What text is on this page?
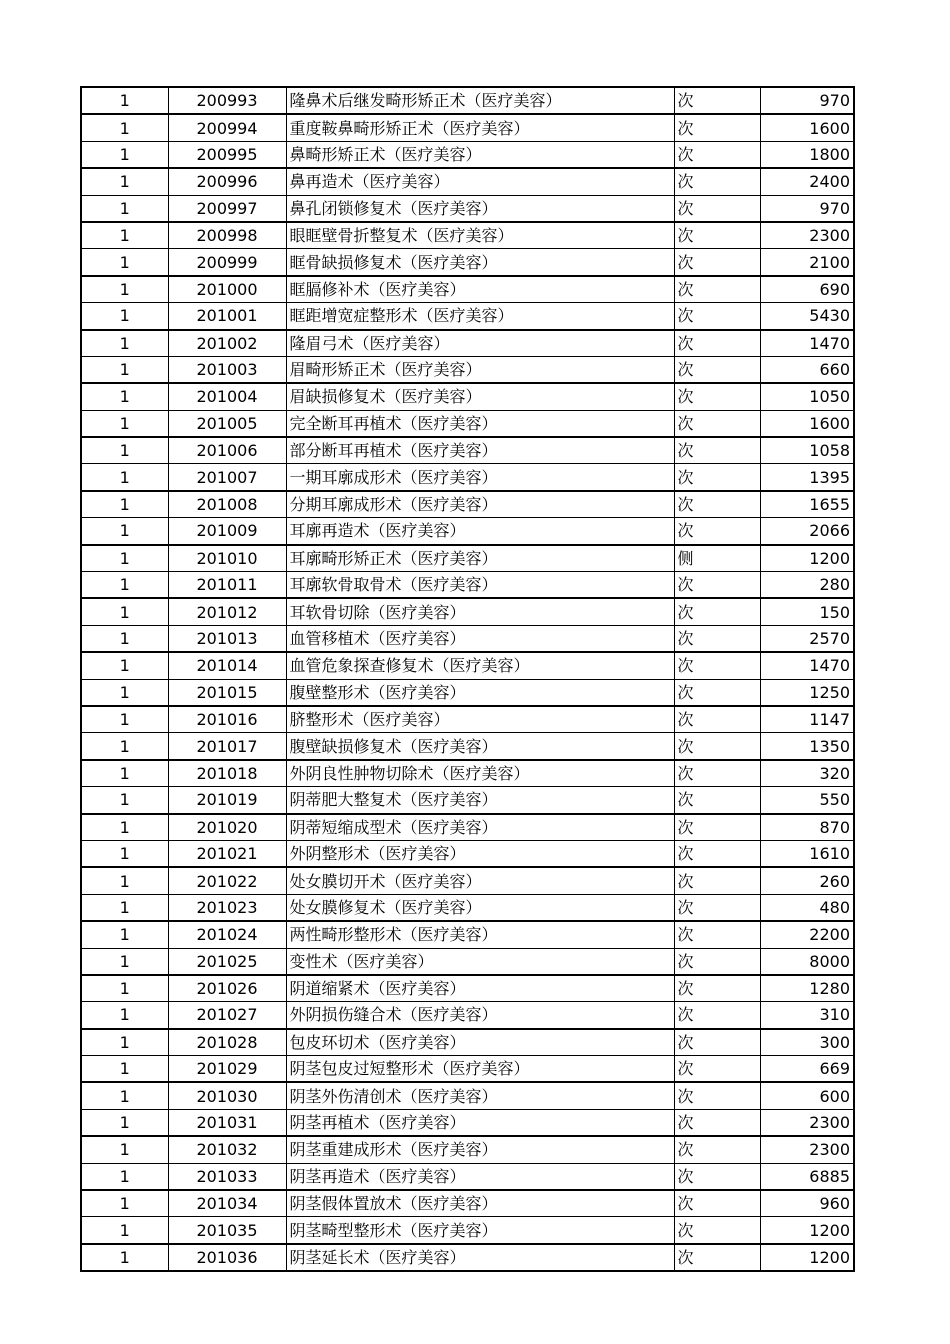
1	200993	隆鼻术后继发畸形矫正术（医疗美容）	次	970
1	200994	重度鞍鼻畸形矫正术（医疗美容）	次	1600
1	200995	鼻畸形矫正术（医疗美容）	次	1800
1	200996	鼻再造术（医疗美容）	次	2400
1	200997	鼻孔闭锁修复术（医疗美容）	次	970
1	200998	眼眶壁骨折整复术（医疗美容）	次	2300
1	200999	眶骨缺损修复术（医疗美容）	次	2100
1	201000	眶膈修补术（医疗美容）	次	690
1	201001	眶距增宽症整形术（医疗美容）	次	5430
1	201002	隆眉弓术（医疗美容）	次	1470
1	201003	眉畸形矫正术（医疗美容）	次	660
1	201004	眉缺损修复术（医疗美容）	次	1050
1	201005	完全断耳再植术（医疗美容）	次	1600
1	201006	部分断耳再植术（医疗美容）	次	1058
1	201007	一期耳廓成形术（医疗美容）	次	1395
1	201008	分期耳廓成形术（医疗美容）	次	1655
1	201009	耳廓再造术（医疗美容）	次	2066
1	201010	耳廓畸形矫正术（医疗美容）	侧	1200
1	201011	耳廓软骨取骨术（医疗美容）	次	280
1	201012	耳软骨切除（医疗美容）	次	150
1	201013	血管移植术（医疗美容）	次	2570
1	201014	血管危象探查修复术（医疗美容）	次	1470
1	201015	腹壁整形术（医疗美容）	次	1250
1	201016	脐整形术（医疗美容）	次	1147
1	201017	腹壁缺损修复术（医疗美容）	次	1350
1	201018	外阴良性肿物切除术（医疗美容）	次	320
1	201019	阴蒂肥大整复术（医疗美容）	次	550
1	201020	阴蒂短缩成型术（医疗美容）	次	870
1	201021	外阴整形术（医疗美容）	次	1610
1	201022	处女膜切开术（医疗美容）	次	260
1	201023	处女膜修复术（医疗美容）	次	480
1	201024	两性畸形整形术（医疗美容）	次	2200
1	201025	变性术（医疗美容）	次	8000
1	201026	阴道缩紧术（医疗美容）	次	1280
1	201027	外阴损伤缝合术（医疗美容）	次	310
1	201028	包皮环切术（医疗美容）	次	300
1	201029	阴茎包皮过短整形术（医疗美容）	次	669
1	201030	阴茎外伤清创术（医疗美容）	次	600
1	201031	阴茎再植术（医疗美容）	次	2300
1	201032	阴茎重建成形术（医疗美容）	次	2300
1	201033	阴茎再造术（医疗美容）	次	6885
1	201034	阴茎假体置放术（医疗美容）	次	960
1	201035	阴茎畸型整形术（医疗美容）	次	1200
1	201036	阴茎延长术（医疗美容）	次	1200
